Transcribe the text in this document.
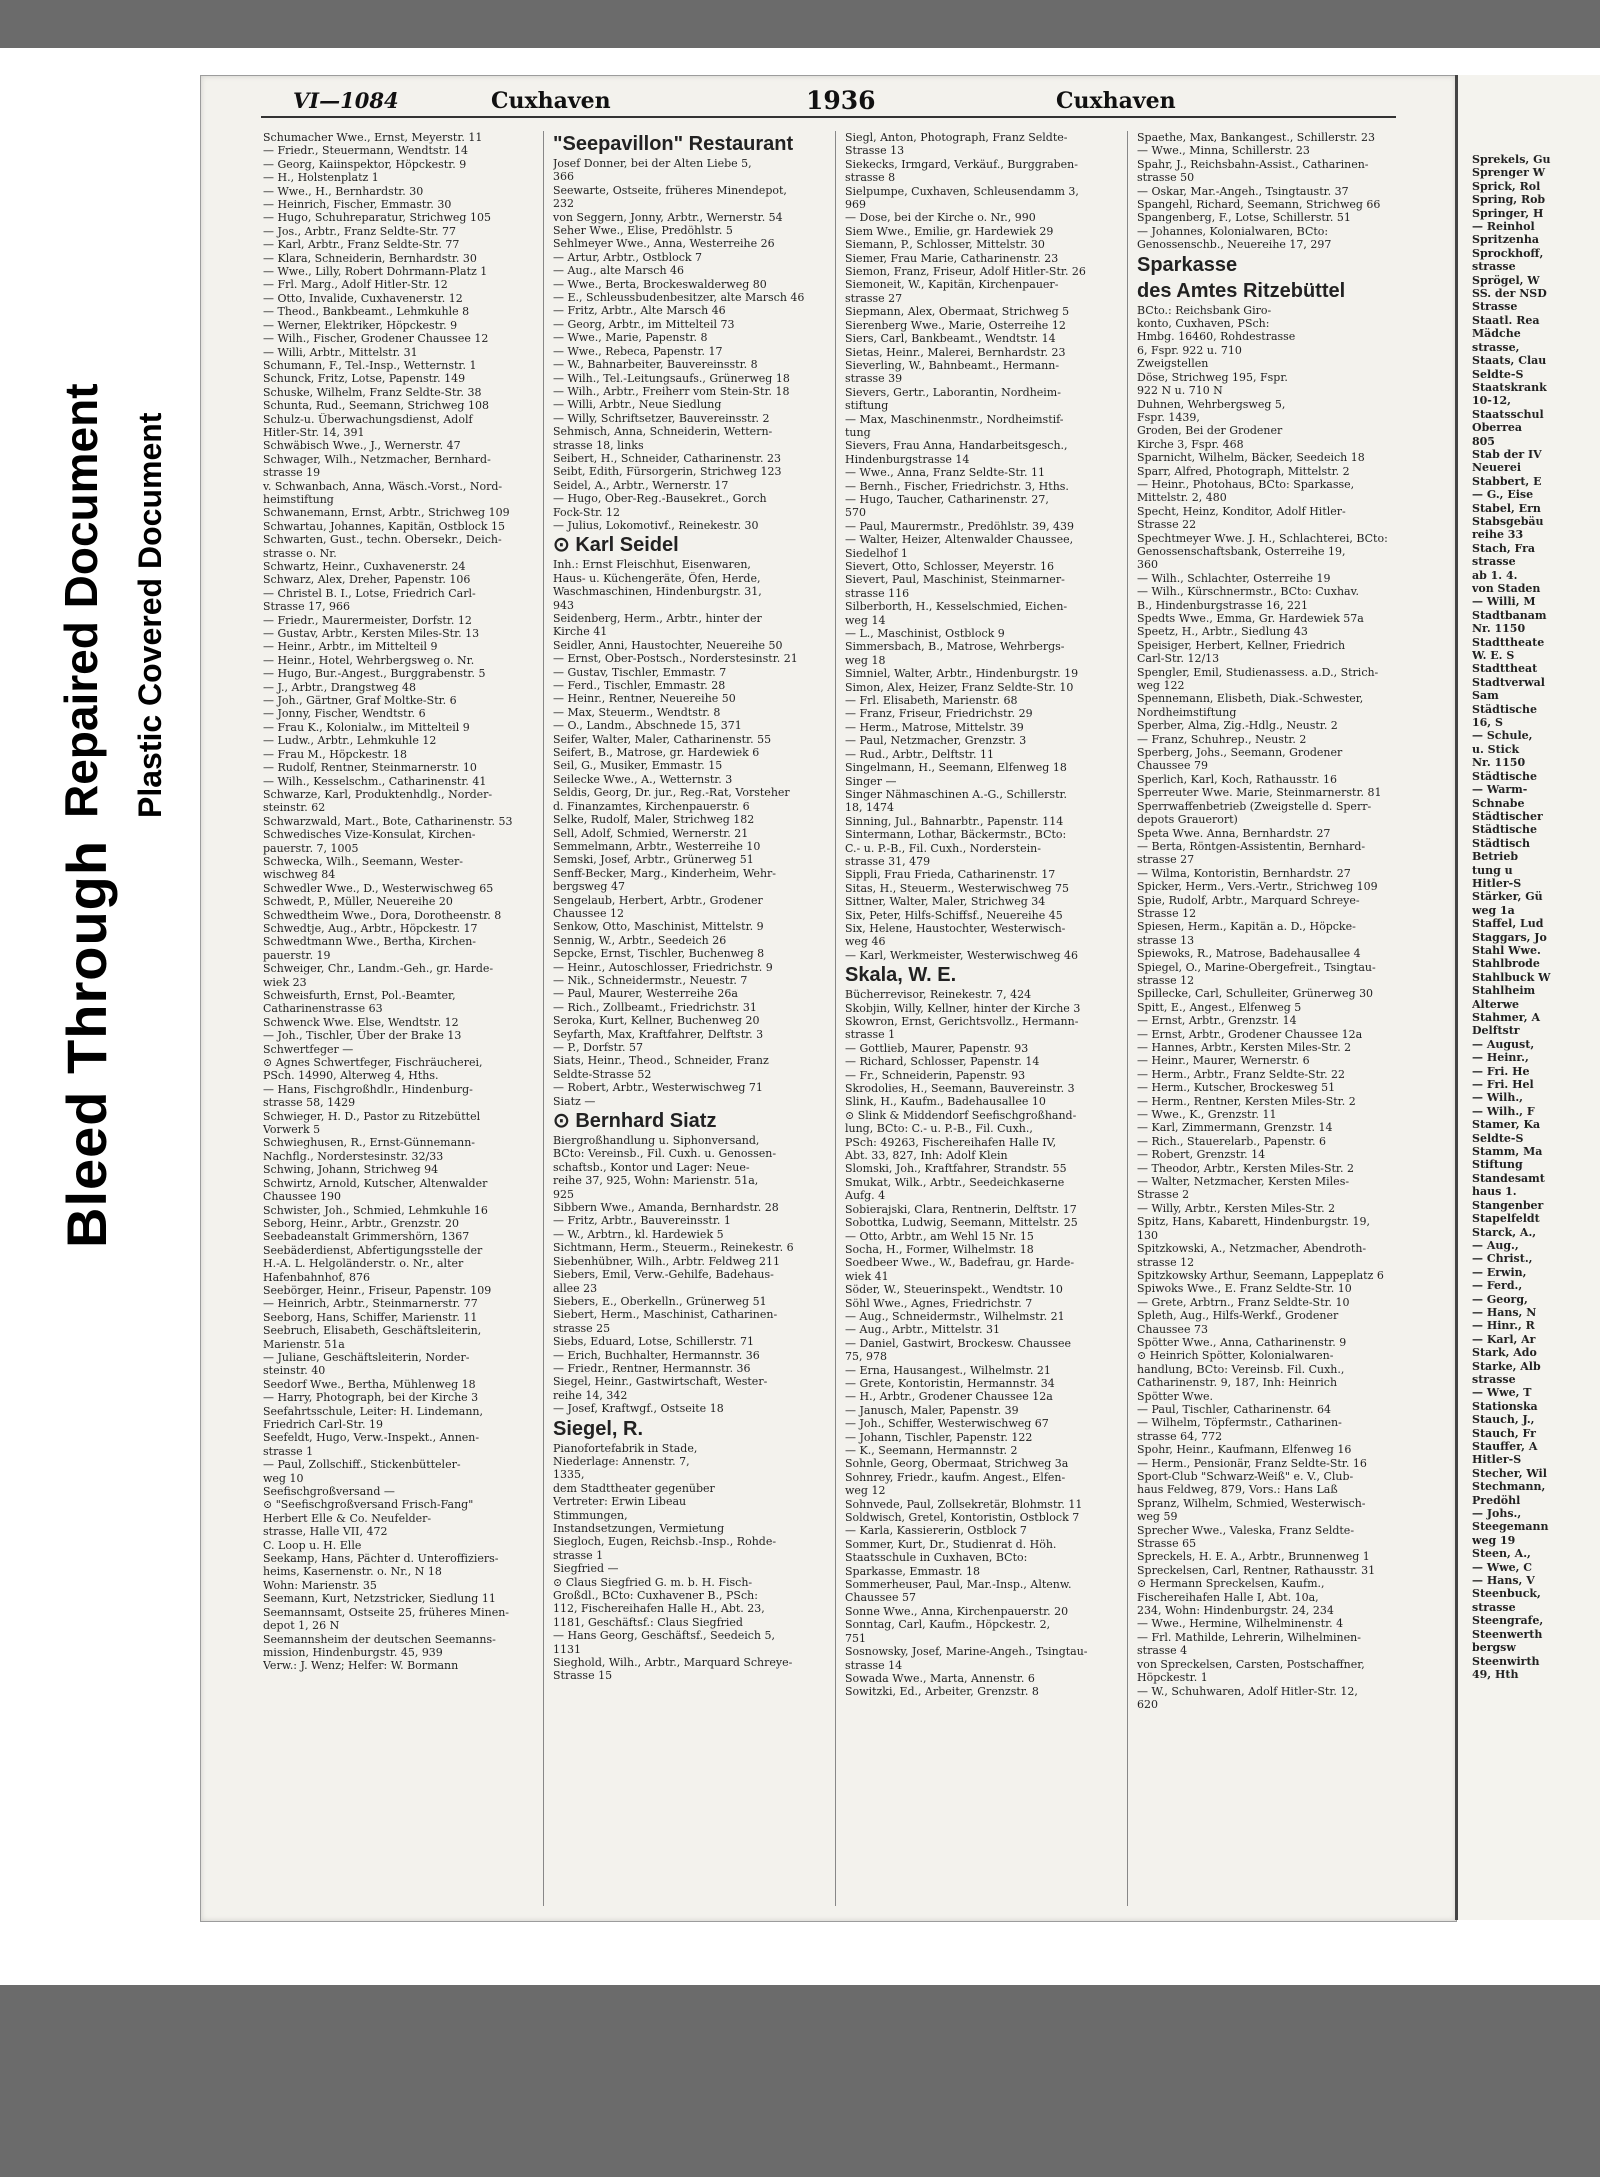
Bleed Through
Repaired Document Plastic Covered Document
VI—1084	Cuxhaven	1936	Cuxhaven
Schumacher Wwe., Ernst, Meyerstr. 11
— Friedr., Steuermann, Wendtstr. 14
— Georg, Kaiinspektor, Höpckestr. 9
— H., Holstenplatz 1
— Wwe., H., Bernhardstr. 30
— Heinrich, Fischer, Emmastr. 30
— Hugo, Schuhreparatur, Strichweg 105
— Jos., Arbtr., Franz Seldte-Str. 77
— Karl, Arbtr., Franz Seldte-Str. 77
— Klara, Schneiderin, Bernhardstr. 30
— Wwe., Lilly, Robert Dohrmann-Platz 1
— Frl. Marg., Adolf Hitler-Str. 12
— Otto, Invalide, Cuxhavenerstr. 12
— Theod., Bankbeamt., Lehmkuhle 8
— Werner, Elektriker, Höpckestr. 9
— Wilh., Fischer, Grodener Chaussee 12
— Willi, Arbtr., Mittelstr. 31
Schumann, F., Tel.-Insp., Wetternstr. 1
Schunck, Fritz, Lotse, Papenstr. 149
Schuske, Wilhelm, Franz Seldte-Str. 38
Schunta, Rud., Seemann, Strichweg 108
Schulz-u. Überwachungsdienst, Adolf
Hitler-Str. 14, 391
Schwäbisch Wwe., J., Wernerstr. 47
Schwager, Wilh., Netzmacher, Bernhard-
strasse 19
v. Schwanbach, Anna, Wäsch.-Vorst., Nord-
heimstiftung
Schwanemann, Ernst, Arbtr., Strichweg 109
Schwartau, Johannes, Kapitän, Ostblock 15
Schwarten, Gust., techn. Obersekr., Deich-
strasse o. Nr.
Schwartz, Heinr., Cuxhavenerstr. 24
Schwarz, Alex, Dreher, Papenstr. 106
— Christel B. I., Lotse, Friedrich Carl-
Strasse 17, 966
— Friedr., Maurermeister, Dorfstr. 12
— Gustav, Arbtr., Kersten Miles-Str. 13
— Heinr., Arbtr., im Mittelteil 9
— Heinr., Hotel, Wehrbergsweg o. Nr.
— Hugo, Bur.-Angest., Burggrabenstr. 5
— J., Arbtr., Drangstweg 48
— Joh., Gärtner, Graf Moltke-Str. 6
— Jonny, Fischer, Wendtstr. 6
— Frau K., Kolonialw., im Mittelteil 9
— Ludw., Arbtr., Lehmkuhle 12
— Frau M., Höpckestr. 18
— Rudolf, Rentner, Steinmarnerstr. 10
— Wilh., Kesselschm., Catharinenstr. 41
Schwarze, Karl, Produktenhdlg., Norder-
steinstr. 62
Schwarzwald, Mart., Bote, Catharinenstr. 53
Schwedisches Vize-Konsulat, Kirchen-
pauerstr. 7, 1005
Schwecka, Wilh., Seemann, Wester-
wischweg 84
Schwedler Wwe., D., Westerwischweg 65
Schwedt, P., Müller, Neuereihe 20
Schwedtheim Wwe., Dora, Dorotheenstr. 8
Schwedtje, Aug., Arbtr., Höpckestr. 17
Schwedtmann Wwe., Bertha, Kirchen-
pauerstr. 19
Schweiger, Chr., Landm.-Geh., gr. Harde-
wiek 23
Schweisfurth, Ernst, Pol.-Beamter,
Catharinenstrasse 63
Schwenck Wwe. Else, Wendtstr. 12
— Joh., Tischler, Über der Brake 13
Schwertfeger —
⊙ Agnes Schwertfeger, Fischräucherei,
PSch. 14990, Alterweg 4, Hths.
— Hans, Fischgroßhdlr., Hindenburg-
strasse 58, 1429
Schwieger, H. D., Pastor zu Ritzebüttel
Vorwerk 5
Schwieghusen, R., Ernst-Günnemann-
Nachflg., Norderstesinstr. 32/33
Schwing, Johann, Strichweg 94
Schwirtz, Arnold, Kutscher, Altenwalder
Chaussee 190
Schwister, Joh., Schmied, Lehmkuhle 16
Seborg, Heinr., Arbtr., Grenzstr. 20
Seebadeanstalt Grimmershörn, 1367
Seebäderdienst, Abfertigungsstelle der
H.-A. L. Helgoländerstr. o. Nr., alter
Hafenbahnhof, 876
Seebörger, Heinr., Friseur, Papenstr. 109
— Heinrich, Arbtr., Steinmarnerstr. 77
Seeborg, Hans, Schiffer, Marienstr. 11
Seebruch, Elisabeth, Geschäftsleiterin,
Marienstr. 51a
— Juliane, Geschäftsleiterin, Norder-
steinstr. 40
Seedorf Wwe., Bertha, Mühlenweg 18
— Harry, Photograph, bei der Kirche 3
Seefahrtsschule, Leiter: H. Lindemann,
Friedrich Carl-Str. 19
Seefeldt, Hugo, Verw.-Inspekt., Annen-
strasse 1
— Paul, Zollschiff., Stickenbütteler-
weg 10
Seefischgroßversand —
⊙ "Seefischgroßversand Frisch-Fang"
Herbert Elle & Co. Neufelder-
strasse, Halle VII, 472
C. Loop u. H. Elle
Seekamp, Hans, Pächter d. Unteroffiziers-
heims, Kasernenstr. o. Nr., N 18
Wohn: Marienstr. 35
Seemann, Kurt, Netzstricker, Siedlung 11
Seemannsamt, Ostseite 25, früheres Minen-
depot 1, 26 N
Seemannsheim der deutschen Seemanns-
mission, Hindenburgstr. 45, 939
Verw.: J. Wenz; Helfer: W. Bormann
"Seepavillon" Restaurant
Josef Donner, bei der Alten Liebe 5,
366
Seewarte, Ostseite, früheres Minendepot,
232
von Seggern, Jonny, Arbtr., Wernerstr. 54
Seher Wwe., Elise, Predöhlstr. 5
Sehlmeyer Wwe., Anna, Westerreihe 26
— Artur, Arbtr., Ostblock 7
— Aug., alte Marsch 46
— Wwe., Berta, Brockeswalderweg 80
— E., Schleussbudenbesitzer, alte Marsch 46
— Fritz, Arbtr., Alte Marsch 46
— Georg, Arbtr., im Mittelteil 73
— Wwe., Marie, Papenstr. 8
— Wwe., Rebeca, Papenstr. 17
— W., Bahnarbeiter, Bauvereinsstr. 8
— Wilh., Tel.-Leitungsaufs., Grünerweg 18
— Wilh., Arbtr., Freiherr vom Stein-Str. 18
— Willi, Arbtr., Neue Siedlung
— Willy, Schriftsetzer, Bauvereinsstr. 2
Sehmisch, Anna, Schneiderin, Wettern-
strasse 18, links
Seibert, H., Schneider, Catharinenstr. 23
Seibt, Edith, Fürsorgerin, Strichweg 123
Seidel, A., Arbtr., Wernerstr. 17
— Hugo, Ober-Reg.-Bausekret., Gorch
Fock-Str. 12
— Julius, Lokomotivf., Reinekestr. 30
⊙ Karl Seidel
Inh.: Ernst Fleischhut, Eisenwaren,
Haus- u. Küchengeräte, Öfen, Herde,
Waschmaschinen, Hindenburgstr. 31,
943
Seidenberg, Herm., Arbtr., hinter der
Kirche 41
Seidler, Anni, Haustochter, Neuereihe 50
— Ernst, Ober-Postsch., Norderstesinstr. 21
— Gustav, Tischler, Emmastr. 7
— Ferd., Tischler, Emmastr. 28
— Heinr., Rentner, Neuereihe 50
— Max, Steuerm., Wendtstr. 8
— O., Landm., Abschnede 15, 371
Seifer, Walter, Maler, Catharinenstr. 55
Seifert, B., Matrose, gr. Hardewiek 6
Seil, G., Musiker, Emmastr. 15
Seilecke Wwe., A., Wetternstr. 3
Seldis, Georg, Dr. jur., Reg.-Rat, Vorsteher
d. Finanzamtes, Kirchenpauerstr. 6
Selke, Rudolf, Maler, Strichweg 182
Sell, Adolf, Schmied, Wernerstr. 21
Semmelmann, Arbtr., Westerreihe 10
Semski, Josef, Arbtr., Grünerweg 51
Senff-Becker, Marg., Kinderheim, Wehr-
bergsweg 47
Sengelaub, Herbert, Arbtr., Grodener
Chaussee 12
Senkow, Otto, Maschinist, Mittelstr. 9
Sennig, W., Arbtr., Seedeich 26
Sepcke, Ernst, Tischler, Buchenweg 8
— Heinr., Autoschlosser, Friedrichstr. 9
— Nik., Schneidermstr., Neuestr. 7
— Paul, Maurer, Westerreihe 26a
— Rich., Zollbeamt., Friedrichstr. 31
Seroka, Kurt, Kellner, Buchenweg 20
Seyfarth, Max, Kraftfahrer, Delftstr. 3
— P., Dorfstr. 57
Siats, Heinr., Theod., Schneider, Franz
Seldte-Strasse 52
— Robert, Arbtr., Westerwischweg 71
Siatz —
⊙ Bernhard Siatz
Biergroßhandlung u. Siphonversand,
BCto: Vereinsb., Fil. Cuxh. u. Genossen-
schaftsb., Kontor und Lager: Neue-
reihe 37, 925, Wohn: Marienstr. 51a,
925
Sibbern Wwe., Amanda, Bernhardstr. 28
— Fritz, Arbtr., Bauvereinsstr. 1
— W., Arbtrn., kl. Hardewiek 5
Sichtmann, Herm., Steuerm., Reinekestr. 6
Siebenhübner, Wilh., Arbtr. Feldweg 211
Siebers, Emil, Verw.-Gehilfe, Badehaus-
allee 23
Siebers, E., Oberkelln., Grünerweg 51
Siebert, Herm., Maschinist, Catharinen-
strasse 25
Siebs, Eduard, Lotse, Schillerstr. 71
— Erich, Buchhalter, Hermannstr. 36
— Friedr., Rentner, Hermannstr. 36
Siegel, Heinr., Gastwirtschaft, Wester-
reihe 14, 342
— Josef, Kraftwgf., Ostseite 18
Siegel, R.
Pianofortefabrik in Stade,
Niederlage: Annenstr. 7,
1335,
dem Stadttheater gegenüber
Vertreter: Erwin Libeau
Stimmungen,
Instandsetzungen, Vermietung
Siegloch, Eugen, Reichsb.-Insp., Rohde-
strasse 1
Siegfried —
⊙ Claus Siegfried G. m. b. H. Fisch-
Großdl., BCto: Cuxhavener B., PSch:
112, Fischereihafen Halle H., Abt. 23,
1181, Geschäftsf.: Claus Siegfried
— Hans Georg, Geschäftsf., Seedeich 5,
1131
Sieghold, Wilh., Arbtr., Marquard Schreye-
Strasse 15
Siegl, Anton, Photograph, Franz Seldte-
Strasse 13
Siekecks, Irmgard, Verkäuf., Burggraben-
strasse 8
Sielpumpe, Cuxhaven, Schleusendamm 3,
969
— Dose, bei der Kirche o. Nr., 990
Siem Wwe., Emilie, gr. Hardewiek 29
Siemann, P., Schlosser, Mittelstr. 30
Siemer, Frau Marie, Catharinenstr. 23
Siemon, Franz, Friseur, Adolf Hitler-Str. 26
Siemoneit, W., Kapitän, Kirchenpauer-
strasse 27
Siepmann, Alex, Obermaat, Strichweg 5
Sierenberg Wwe., Marie, Osterreihe 12
Siers, Carl, Bankbeamt., Wendtstr. 14
Sietas, Heinr., Malerei, Bernhardstr. 23
Sieverling, W., Bahnbeamt., Hermann-
strasse 39
Sievers, Gertr., Laborantin, Nordheim-
stiftung
— Max, Maschinenmstr., Nordheimstif-
tung
Sievers, Frau Anna, Handarbeitsgesch.,
Hindenburgstrasse 14
— Wwe., Anna, Franz Seldte-Str. 11
— Bernh., Fischer, Friedrichstr. 3, Hths.
— Hugo, Taucher, Catharinenstr. 27,
570
— Paul, Maurermstr., Predöhlstr. 39, 439
— Walter, Heizer, Altenwalder Chaussee,
Siedelhof 1
Sievert, Otto, Schlosser, Meyerstr. 16
Sievert, Paul, Maschinist, Steinmarner-
strasse 116
Silberborth, H., Kesselschmied, Eichen-
weg 14
— L., Maschinist, Ostblock 9
Simmersbach, B., Matrose, Wehrbergs-
weg 18
Simniel, Walter, Arbtr., Hindenburgstr. 19
Simon, Alex, Heizer, Franz Seldte-Str. 10
— Frl. Elisabeth, Marienstr. 68
— Franz, Friseur, Friedrichstr. 29
— Herm., Matrose, Mittelstr. 39
— Paul, Netzmacher, Grenzstr. 3
— Rud., Arbtr., Delftstr. 11
Singelmann, H., Seemann, Elfenweg 18
Singer —
Singer Nähmaschinen A.-G., Schillerstr.
18, 1474
Sinning, Jul., Bahnarbtr., Papenstr. 114
Sintermann, Lothar, Bäckermstr., BCto:
C.- u. P.-B., Fil. Cuxh., Norderstein-
strasse 31, 479
Sippli, Frau Frieda, Catharinenstr. 17
Sitas, H., Steuerm., Westerwischweg 75
Sittner, Walter, Maler, Strichweg 34
Six, Peter, Hilfs-Schiffsf., Neuereihe 45
Six, Helene, Haustochter, Westerwisch-
weg 46
— Karl, Werkmeister, Westerwischweg 46
Skala, W. E.
Bücherrevisor, Reinekestr. 7, 424
Skobjin, Willy, Kellner, hinter der Kirche 3
Skowron, Ernst, Gerichtsvollz., Hermann-
strasse 1
— Gottlieb, Maurer, Papenstr. 93
— Richard, Schlosser, Papenstr. 14
— Fr., Schneiderin, Papenstr. 93
Skrodolies, H., Seemann, Bauvereinstr. 3
Slink, H., Kaufm., Badehausallee 10
⊙ Slink & Middendorf Seefischgroßhand-
lung, BCto: C.- u. P.-B., Fil. Cuxh.,
PSch: 49263, Fischereihafen Halle IV,
Abt. 33, 827, Inh: Adolf Klein
Slomski, Joh., Kraftfahrer, Strandstr. 55
Smukat, Wilk., Arbtr., Seedeichkaserne
Aufg. 4
Sobierajski, Clara, Rentnerin, Delftstr. 17
Sobottka, Ludwig, Seemann, Mittelstr. 25
— Otto, Arbtr., am Wehl 15 Nr. 15
Socha, H., Former, Wilhelmstr. 18
Soedbeer Wwe., W., Badefrau, gr. Harde-
wiek 41
Söder, W., Steuerinspekt., Wendtstr. 10
Söhl Wwe., Agnes, Friedrichstr. 7
— Aug., Schneidermstr., Wilhelmstr. 21
— Aug., Arbtr., Mittelstr. 31
— Daniel, Gastwirt, Brockesw. Chaussee
75, 978
— Erna, Hausangest., Wilhelmstr. 21
— Grete, Kontoristin, Hermannstr. 34
— H., Arbtr., Grodener Chaussee 12a
— Janusch, Maler, Papenstr. 39
— Joh., Schiffer, Westerwischweg 67
— Johann, Tischler, Papenstr. 122
— K., Seemann, Hermannstr. 2
Sohnle, Georg, Obermaat, Strichweg 3a
Sohnrey, Friedr., kaufm. Angest., Elfen-
weg 12
Sohnvede, Paul, Zollsekretär, Blohmstr. 11
Soldwisch, Gretel, Kontoristin, Ostblock 7
— Karla, Kassiererin, Ostblock 7
Sommer, Kurt, Dr., Studienrat d. Höh.
Staatsschule in Cuxhaven, BCto:
Sparkasse, Emmastr. 18
Sommerheuser, Paul, Mar.-Insp., Altenw.
Chaussee 57
Sonne Wwe., Anna, Kirchenpauerstr. 20
Sonntag, Carl, Kaufm., Höpckestr. 2,
751
Sosnowsky, Josef, Marine-Angeh., Tsingtau-
strasse 14
Sowada Wwe., Marta, Annenstr. 6
Sowitzki, Ed., Arbeiter, Grenzstr. 8
Spaethe, Max, Bankangest., Schillerstr. 23
— Wwe., Minna, Schillerstr. 23
Spahr, J., Reichsbahn-Assist., Catharinen-
strasse 50
— Oskar, Mar.-Angeh., Tsingtaustr. 37
Spangehl, Richard, Seemann, Strichweg 66
Spangenberg, F., Lotse, Schillerstr. 51
— Johannes, Kolonialwaren, BCto:
Genossenschb., Neuereihe 17, 297
Sparkasse
des Amtes Ritzebüttel
BCto.: Reichsbank Giro-
konto, Cuxhaven, PSch:
Hmbg. 16460, Rohdestrasse
6, Fspr. 922 u. 710
Zweigstellen
Döse, Strichweg 195, Fspr.
922 N u. 710 N
Duhnen, Wehrbergsweg 5,
Fspr. 1439,
Groden, Bei der Grodener
Kirche 3, Fspr. 468
Sparnicht, Wilhelm, Bäcker, Seedeich 18
Sparr, Alfred, Photograph, Mittelstr. 2
— Heinr., Photohaus, BCto: Sparkasse,
Mittelstr. 2, 480
Specht, Heinz, Konditor, Adolf Hitler-
Strasse 22
Spechtmeyer Wwe. J. H., Schlachterei, BCto:
Genossenschaftsbank, Osterreihe 19,
360
— Wilh., Schlachter, Osterreihe 19
— Wilh., Kürschnermstr., BCto: Cuxhav.
B., Hindenburgstrasse 16, 221
Spedts Wwe., Emma, Gr. Hardewiek 57a
Speetz, H., Arbtr., Siedlung 43
Speisiger, Herbert, Kellner, Friedrich
Carl-Str. 12/13
Spengler, Emil, Studienassess. a.D., Strich-
weg 122
Spennemann, Elisbeth, Diak.-Schwester,
Nordheimstiftung
Sperber, Alma, Zig.-Hdlg., Neustr. 2
— Franz, Schuhrep., Neustr. 2
Sperberg, Johs., Seemann, Grodener
Chaussee 79
Sperlich, Karl, Koch, Rathausstr. 16
Sperreuter Wwe. Marie, Steinmarnerstr. 81
Sperrwaffenbetrieb (Zweigstelle d. Sperr-
depots Grauerort)
Speta Wwe. Anna, Bernhardstr. 27
— Berta, Röntgen-Assistentin, Bernhard-
strasse 27
— Wilma, Kontoristin, Bernhardstr. 27
Spicker, Herm., Vers.-Vertr., Strichweg 109
Spie, Rudolf, Arbtr., Marquard Schreye-
Strasse 12
Spiesen, Herm., Kapitän a. D., Höpcke-
strasse 13
Spiewoks, R., Matrose, Badehausallee 4
Spiegel, O., Marine-Obergefreit., Tsingtau-
strasse 12
Spillecke, Carl, Schulleiter, Grünerweg 30
Spitt, E., Angest., Elfenweg 5
— Ernst, Arbtr., Grenzstr. 14
— Ernst, Arbtr., Grodener Chaussee 12a
— Hannes, Arbtr., Kersten Miles-Str. 2
— Heinr., Maurer, Wernerstr. 6
— Herm., Arbtr., Franz Seldte-Str. 22
— Herm., Kutscher, Brockesweg 51
— Herm., Rentner, Kersten Miles-Str. 2
— Wwe., K., Grenzstr. 11
— Karl, Zimmermann, Grenzstr. 14
— Rich., Stauerelarb., Papenstr. 6
— Robert, Grenzstr. 14
— Theodor, Arbtr., Kersten Miles-Str. 2
— Walter, Netzmacher, Kersten Miles-
Strasse 2
— Willy, Arbtr., Kersten Miles-Str. 2
Spitz, Hans, Kabarett, Hindenburgstr. 19,
130
Spitzkowski, A., Netzmacher, Abendroth-
strasse 12
Spitzkowsky Arthur, Seemann, Lappeplatz 6
Spiwoks Wwe., E. Franz Seldte-Str. 10
— Grete, Arbtrn., Franz Seldte-Str. 10
Spleth, Aug., Hilfs-Werkf., Grodener
Chaussee 73
Spötter Wwe., Anna, Catharinenstr. 9
⊙ Heinrich Spötter, Kolonialwaren-
handlung, BCto: Vereinsb. Fil. Cuxh.,
Catharinenstr. 9, 187, Inh: Heinrich
Spötter Wwe.
— Paul, Tischler, Catharinenstr. 64
— Wilhelm, Töpfermstr., Catharinen-
strasse 64, 772
Spohr, Heinr., Kaufmann, Elfenweg 16
— Herm., Pensionär, Franz Seldte-Str. 16
Sport-Club "Schwarz-Weiß" e. V., Club-
haus Feldweg, 879, Vors.: Hans Laß
Spranz, Wilhelm, Schmied, Westerwisch-
weg 59
Sprecher Wwe., Valeska, Franz Seldte-
Strasse 65
Spreckels, H. E. A., Arbtr., Brunnenweg 1
Spreckelsen, Carl, Rentner, Rathausstr. 31
⊙ Hermann Spreckelsen, Kaufm.,
Fischereihafen Halle I, Abt. 10a,
234, Wohn: Hindenburgstr. 24, 234
— Wwe., Hermine, Wilhelminenstr. 4
— Frl. Mathilde, Lehrerin, Wilhelminen-
strasse 4
von Spreckelsen, Carsten, Postschaffner,
Höpckestr. 1
— W., Schuhwaren, Adolf Hitler-Str. 12,
620
Sprekels, Gu
Sprenger W
Sprick, Rol
Spring, Rob
Springer, H
— Reinhol
Spritzenha
Sprockhoff,
strasse
Sprögel, W
SS. der NSD
Strasse
Staatl. Rea
Mädche
strasse,
Staats, Clau
Seldte-S
Staatskrank
10-12,
Staatsschul
Oberrea
805
Stab der IV
Neuerei
Stabbert, E
— G., Eise
Stabel, Ern
Stabsgebäu
reihe 33
Stach, Fra
strasse
ab 1. 4.
von Staden
— Willi, M
Stadtbanam
Nr. 1150
Stadttheate
W. E. S
Stadttheat
Stadtverwal
Sam
Städtische
16, S
— Schule,
u. Stick
Nr. 1150
Städtische
— Warm-
Schnabe
Städtischer
Städtische
Städtisch
Betrieb
tung u
Hitler-S
Stärker, Gü
weg 1a
Staffel, Lud
Staggars, Jo
Stahl Wwe.
Stahlbrode
Stahlbuck W
Stahlheim
Alterwe
Stahmer, A
Delftstr
— August,
— Heinr.,
— Fri. He
— Fri. Hel
— Wilh.,
— Wilh., F
Stamer, Ka
Seldte-S
Stamm, Ma
Stiftung
Standesamt
haus 1.
Stangenber
Stapelfeldt
Starck, A.,
— Aug.,
— Christ.,
— Erwin,
— Ferd.,
— Georg,
— Hans, N
— Hinr., R
— Karl, Ar
Stark, Ado
Starke, Alb
strasse
— Wwe, T
Stationska
Stauch, J.,
Stauch, Fr
Stauffer, A
Hitler-S
Stecher, Wil
Stechmann,
Predöhl
— Johs.,
Steegemann
weg 19
Steen, A.,
— Wwe, C
— Hans, V
Steenbuck,
strasse
Steengrafe,
Steenwerth
bergsw
Steenwirth
49, Hth
